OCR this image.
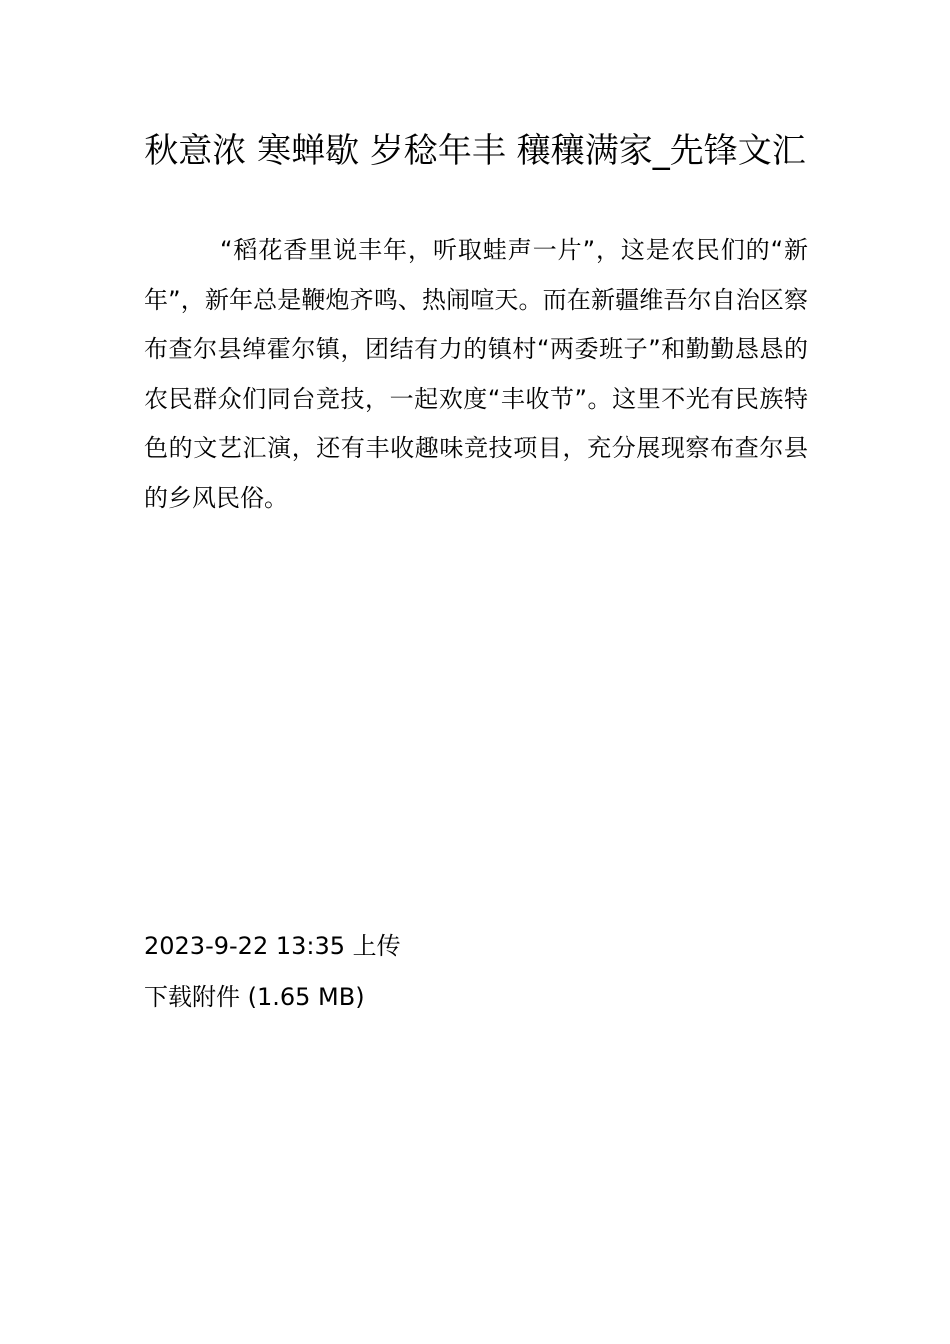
秋意浓 寒蝉歇 岁稔年丰 穰穰满家_先锋文汇

“稻花香里说丰年，听取蛙声一片”，这是农民们的“新年”，新年总是鞭炮齐鸣、热闹喧天。而在新疆维吾尔自治区察布查尔县绰霍尔镇，团结有力的镇村“两委班子”和勤勤恳恳的农民群众们同台竞技，一起欢度“丰收节”。这里不光有民族特色的文艺汇演，还有丰收趣味竞技项目，充分展现察布查尔县的乡风民俗。

2023-9-22 13:35 上传
下载附件 (1.65 MB)
